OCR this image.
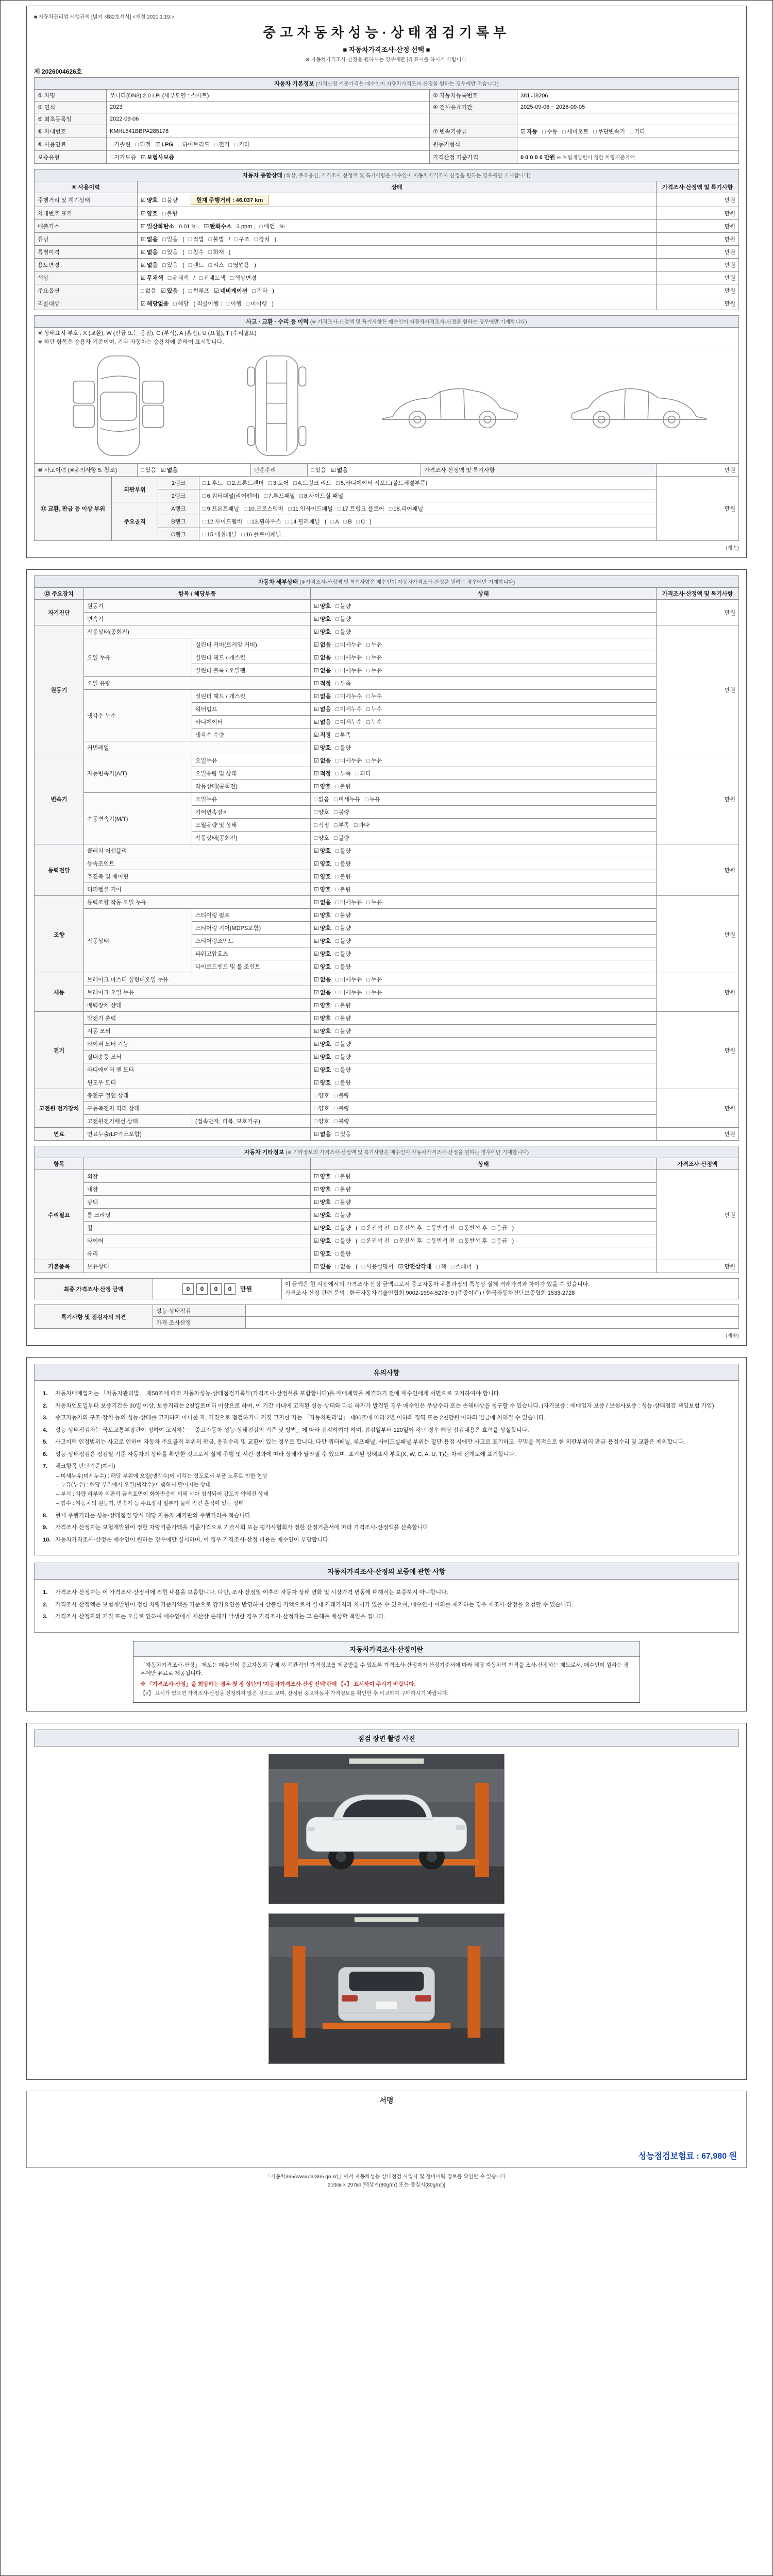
■ 자동차관리법 시행규칙 [별지 제82호서식] <개정 2021.1.19.>
중고자동차성능·상태점검기록부
■ 자동차가격조사·산정 선택 ■
※ 자동차가격조사·산정을 원하시는 경우에만 [√] 표시를 하시기 바랍니다.
제 2026004626호
자동차 기본정보 (가격산정 기준가격은 매수인이 자동차가격조사·산정을 원하는 경우에만 적습니다)			
① 차명	쏘나타(DN8) 2.0 LPi (세부모델 : 스마트)	② 자동차등록번호	381더8206
③ 연식	2023	④ 검사유효기간	2025-09-06 ~ 2026-09-05
⑤ 최초등록일	2022-09-06		
⑥ 차대번호	KMHL541BBPA285176	⑦ 변속기종류	☑ 자동 □ 수동 □ 세미오토 □ 무단변속기 □ 기타
⑧ 사용연료	□ 가솔린 □ 디젤 ☑ LPG □ 하이브리드 □ 전기 □ 기타	원동기형식	
보증유형	□ 자가보증 ☑ 보험사보증	가격산정 기준가격	0 0 0 0 0 만원 ※ 보험개발원이 정한 차량기준가액
자동차 종합상태 (색상, 주요옵션, 가격조사·산정액 및 특기사항은 매수인이 자동차가격조사·산정을 원하는 경우에만 기재합니다)		
⑨ 사용이력	상태	가격조사·산정액 및 특기사항
주행거리 및 계기상태	☑ 양호 □ 불량 현재 주행거리 : 46,037 km	만원
차대번호 표기	☑ 양호 □ 불량	만원
배출가스	☑ 일산화탄소 0.01 % , ☑ 탄화수소 3 ppm , □ 매연 %	만원
튜닝	☑ 없음 □ 있음 ( □ 적법 □ 불법 / □ 구조 □ 장치 )	만원
특별이력	☑ 없음 □ 있음 ( □ 침수 □ 화재 )	만원
용도변경	☑ 없음 □ 있음 ( □ 렌트 □ 리스 □ 영업용 )	만원
색상	☑ 무채색 □ 유채색 / □ 전체도색 □ 색상변경	만원
주요옵션	□ 없음 ☑ 있음 ( □ 썬루프 ☑ 네비게이션 □ 기타 )	만원
리콜대상	☑ 해당없음 □ 해당 ( 리콜이행 : □ 이행 □ 미이행 )	만원
사고 · 교환 · 수리 등 이력 (※ 가격조사·산정액 및 특기사항은 매수인이 자동차가격조사·산정을 원하는 경우에만 기재합니다)

※ 상태표시 부호 : X (교환), W (판금 또는 용접), C (부식), A (흠집), U (요철), T (수리필요)
※ 하단 항목은 승용차 기준이며, 기타 자동차는 승용차에 준하여 표시합니다.

⑩ 사고이력 (※유의사항 5. 참조)	□ 있음 ☑ 없음	단순수리	□ 있음 ☑ 없음	가격조사·산정액 및 특기사항	만원
⑪ 교환, 판금 등 이상 부위	외판부위	1랭크	□ 1.후드 □ 2.프론트펜더 □ 3.도어 □ 4.트렁크 리드 □ 5.라디에이터 서포트(볼트체결부품)	만원
		2랭크	□ 6.쿼터패널(리어펜더) □ 7.루프패널 □ 8.사이드실 패널	
	주요골격	A랭크	□ 9.프론트패널 □ 10.크로스멤버 □ 11.인사이드패널 □ 17.트렁크 플로어 □ 18.리어패널	
		B랭크	□ 12.사이드멤버 □ 13.휠하우스 □ 14.필러패널 ( □ A □ B □ C )	
		C랭크	□ 15.대쉬패널 □ 16.플로어패널	
(계속)
자동차 세부상태 (※가격조사·산정액 및 특기사항은 매수인이 자동차가격조사·산정을 원하는 경우에만 기재합니다)				
⑫ 주요장치	항목 / 해당부품		상태	가격조사·산정액 및 특기사항
자기진단	원동기		☑ 양호 □ 불량	만원
	변속기		☑ 양호 □ 불량	
원동기	작동상태(공회전)		☑ 양호 □ 불량	만원
	오일 누유	실린더 커버(로커암 커버)	☑ 없음 □ 미세누유 □ 누유	
		실린더 헤드 / 개스킷	☑ 없음 □ 미세누유 □ 누유	
		실린더 블록 / 오일팬	☑ 없음 □ 미세누유 □ 누유	
	오일 유량		☑ 적정 □ 부족	
	냉각수 누수	실린더 헤드 / 개스킷	☑ 없음 □ 미세누수 □ 누수	
		워터펌프	☑ 없음 □ 미세누수 □ 누수	
		라디에이터	☑ 없음 □ 미세누수 □ 누수	
		냉각수 수량	☑ 적정 □ 부족	
	커먼레일		☑ 양호 □ 불량	
변속기	자동변속기(A/T)	오일누유	☑ 없음 □ 미세누유 □ 누유	만원
		오일유량 및 상태	☑ 적정 □ 부족 □ 과다	
		작동상태(공회전)	☑ 양호 □ 불량	
	수동변속기(M/T)	오일누유	□ 없음 □ 미세누유 □ 누유	
		기어변속장치	□ 양호 □ 불량	
		오일유량 및 상태	□ 적정 □ 부족 □ 과다	
		작동상태(공회전)	□ 양호 □ 불량	
동력전달	클러치 어셈블리		☑ 양호 □ 불량	만원
	등속조인트		☑ 양호 □ 불량	
	추진축 및 베어링		☑ 양호 □ 불량	
	디퍼렌셜 기어		☑ 양호 □ 불량	
조향	동력조향 작동 오일 누유		☑ 없음 □ 미세누유 □ 누유	만원
	작동상태	스티어링 펌프	☑ 양호 □ 불량	
		스티어링 기어(MDPS포함)	☑ 양호 □ 불량	
		스티어링조인트	☑ 양호 □ 불량	
		파워고압호스	☑ 양호 □ 불량	
		타이로드엔드 및 볼 조인트	☑ 양호 □ 불량	
제동	브레이크 마스터 실린더오일 누유		☑ 없음 □ 미세누유 □ 누유	만원
	브레이크 오일 누유		☑ 없음 □ 미세누유 □ 누유	
	배력장치 상태		☑ 양호 □ 불량	
전기	발전기 출력		☑ 양호 □ 불량	만원
	시동 모터		☑ 양호 □ 불량	
	와이퍼 모터 기능		☑ 양호 □ 불량	
	실내송풍 모터		☑ 양호 □ 불량	
	라디에이터 팬 모터		☑ 양호 □ 불량	
	윈도우 모터		☑ 양호 □ 불량	
고전원 전기장치	충전구 절연 상태		□ 양호 □ 불량	만원
	구동축전지 격리 상태		□ 양호 □ 불량	
	고전원전기배선 상태	(접속단자, 피복, 보호기구)	□ 양호 □ 불량	
연료	연료누출(LP가스포함)		☑ 없음 □ 있음	만원
자동차 기타정보 (※ 기타정보의 가격조사·산정액 및 특기사항은 매수인이 자동차가격조사·산정을 원하는 경우에만 기재합니다)			
항목		상태	가격조사·산정액
수리필요	외장	☑ 양호 □ 불량	만원
	내장	☑ 양호 □ 불량	
	광택	☑ 양호 □ 불량	
	룸 크리닝	☑ 양호 □ 불량	
	휠	☑ 양호 □ 불량 ( □ 운전석 전 □ 운전석 후 □ 동반석 전 □ 동반석 후 □ 응급 )	
	타이어	☑ 양호 □ 불량 ( □ 운전석 전 □ 운전석 후 □ 동반석 전 □ 동반석 후 □ 응급 )	
	유리	☑ 양호 □ 불량	
기본품목	보유상태	☑ 있음 □ 없음 ( □ 사용설명서 ☑ 안전삼각대 □ 잭 □ 스패너 )	만원
최종 가격조사·산정 금액	0 0 0 0 만원	
이 금액은 현 시점에서의 가격조사·산정 금액으로서 중고자동차 유통과정의 특성상 실제 거래가격과 차이가 있을 수 있습니다.
가격조사·산정 관련 문의 : 한국자동차기술인협회 9002-1994-5278~9 (주중야간) / 한국자동차진단보증협회 1533-2728
특기사항 및 점검자의 의견	성능·상태점검	
	가격·조사산정	
(계속)
유의사항
1.	자동차매매업자는 「자동차관리법」 제58조에 따라 자동차성능·상태점검기록부(가격조사·산정서를 포함합니다)를 매매계약을 체결하기 전에 매수인에게 서면으로 고지하여야 합니다.
2.	자동차인도일부터 보증기간은 30일 이상, 보증거리는 2천킬로미터 이상으로 하며, 이 기간 이내에 고지된 성능·상태와 다른 하자가 발견된 경우 매수인은 무상수리 또는 손해배상을 청구할 수 있습니다. (자가보증 : 매매업자 보증 / 보험사보증 : 성능·상태점검 책임보험 가입)
3.	중고자동차의 구조·장치 등의 성능·상태를 고지하지 아니한 자, 거짓으로 점검하거나 거짓 고지한 자는 「자동차관리법」 제80조에 따라 2년 이하의 징역 또는 2천만원 이하의 벌금에 처해질 수 있습니다.
4.	성능·상태점검자는 국토교통부장관이 정하여 고시하는 「중고자동차 성능·상태점검의 기준 및 방법」에 따라 점검하여야 하며, 점검일부터 120일이 지난 경우 해당 점검내용은 효력을 상실합니다.
5.	사고이력 인정범위는 사고로 인하여 자동차 주요골격 부위의 판금, 용접수리 및 교환이 있는 경우로 합니다. 다만 쿼터패널, 루프패널, 사이드실패널 부위는 절단·용접 시에만 사고로 표기하고, 꾸밈을 목적으로 한 외판부위의 판금·용접수리 및 교환은 제외합니다.
6.	성능·상태점검은 점검일 기준 자동차의 상태를 확인한 것으로서 실제 주행 및 시간 경과에 따라 상태가 달라질 수 있으며, 표기된 상태표시 부호(X, W, C, A, U, T)는 차체 전개도에 표기합니다.
7.	체크항목 판단기준(예시)
– 미세누유(미세누수) : 해당 부위에 오일(냉각수)이 비치는 정도로서 부품 노후로 인한 현상
– 누유(누수) : 해당 부위에서 오일(냉각수)이 맺혀서 떨어지는 상태
– 부식 : 차량 하부와 외판의 금속표면이 화학반응에 의해 삭아 침식되어 강도가 약해진 상태
– 침수 : 자동차의 원동기, 변속기 등 주요장치 일부가 물에 잠긴 흔적이 있는 상태
8.	현재 주행거리는 성능·상태점검 당시 해당 자동차 계기판의 주행거리를 적습니다.
9.	가격조사·산정자는 보험개발원이 정한 차량기준가액을 기준가격으로 기술사회 또는 평가사협회가 정한 산정기준서에 따라 가격조사·산정액을 산출합니다.
10. 자동차가격조사·산정은 매수인이 원하는 경우에만 실시하며, 이 경우 가격조사·산정 비용은 매수인이 부담합니다.
자동차가격조사·산정의 보증에 관한 사항
1.	가격조사·산정자는 이 가격조사·산정서에 적힌 내용을 보증합니다. 다만, 조사·산정일 이후의 자동차 상태 변화 및 시장가격 변동에 대해서는 보증하지 아니합니다.
2.	가격조사·산정액은 보험개발원이 정한 차량기준가액을 기준으로 감가요인을 반영하여 산출한 가액으로서 실제 거래가격과 차이가 있을 수 있으며, 매수인이 이의를 제기하는 경우 재조사·산정을 요청할 수 있습니다.
3.	가격조사·산정자의 거짓 또는 오류로 인하여 매수인에게 재산상 손해가 발생한 경우 가격조사·산정자는 그 손해를 배상할 책임을 집니다.
자동차가격조사·산정이란
「자동차가격조사·산정」 제도는 매수인이 중고자동차 구매 시 객관적인 가격정보를 제공받을 수 있도록 가격조사·산정자가 산정기준서에 따라 해당 자동차의 가격을 조사·산정하는 제도로서, 매수인이 원하는 경우에만 유료로 제공됩니다.
※ 「가격조사·산정」을 희망하는 경우 첫 장 상단의 '자동차가격조사·산정 선택'란에 【√】 표시하여 주시기 바랍니다.
【√】 표시가 없으면 가격조사·산정을 신청하지 않은 것으로 보며, 산정된 중고자동차 가격정보를 확인한 후 비교하여 구매하시기 바랍니다.
점검 장면 촬영 사진
서명
성능점검보험료 : 67,980 원
「자동차365(www.car365.go.kr)」에서 자동차성능·상태점검 사업자 및 정비이력 정보를 확인할 수 있습니다.
210㎜ × 297㎜ [백상지(80g/㎡) 또는 중질지(80g/㎡)]
